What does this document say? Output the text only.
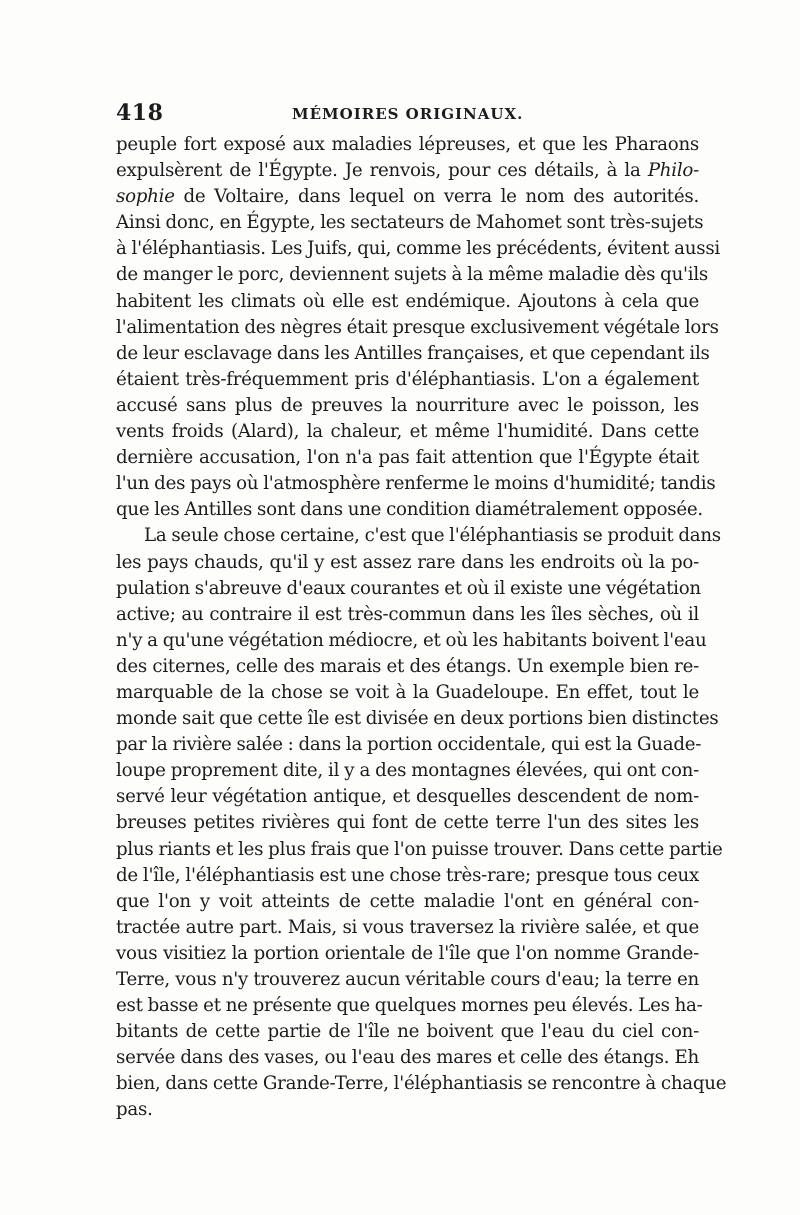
418	MÉMOIRES ORIGINAUX.
peuple fort exposé aux maladies lépreuses, et que les Pharaons
expulsèrent de l'Égypte. Je renvois, pour ces détails, à la Philo-
sophie de Voltaire, dans lequel on verra le nom des autorités.
Ainsi donc, en Égypte, les sectateurs de Mahomet sont très-sujets
à l'éléphantiasis. Les Juifs, qui, comme les précédents, évitent aussi
de manger le porc, deviennent sujets à la même maladie dès qu'ils
habitent les climats où elle est endémique. Ajoutons à cela que
l'alimentation des nègres était presque exclusivement végétale lors
de leur esclavage dans les Antilles françaises, et que cependant ils
étaient très-fréquemment pris d'éléphantiasis. L'on a également
accusé sans plus de preuves la nourriture avec le poisson, les
vents froids (Alard), la chaleur, et même l'humidité. Dans cette
dernière accusation, l'on n'a pas fait attention que l'Égypte était
l'un des pays où l'atmosphère renferme le moins d'humidité; tandis
que les Antilles sont dans une condition diamétralement opposée.
La seule chose certaine, c'est que l'éléphantiasis se produit dans
les pays chauds, qu'il y est assez rare dans les endroits où la po-
pulation s'abreuve d'eaux courantes et où il existe une végétation
active; au contraire il est très-commun dans les îles sèches, où il
n'y a qu'une végétation médiocre, et où les habitants boivent l'eau
des citernes, celle des marais et des étangs. Un exemple bien re-
marquable de la chose se voit à la Guadeloupe. En effet, tout le
monde sait que cette île est divisée en deux portions bien distinctes
par la rivière salée : dans la portion occidentale, qui est la Guade-
loupe proprement dite, il y a des montagnes élevées, qui ont con-
servé leur végétation antique, et desquelles descendent de nom-
breuses petites rivières qui font de cette terre l'un des sites les
plus riants et les plus frais que l'on puisse trouver. Dans cette partie
de l'île, l'éléphantiasis est une chose très-rare; presque tous ceux
que l'on y voit atteints de cette maladie l'ont en général con-
tractée autre part. Mais, si vous traversez la rivière salée, et que
vous visitiez la portion orientale de l'île que l'on nomme Grande-
Terre, vous n'y trouverez aucun véritable cours d'eau; la terre en
est basse et ne présente que quelques mornes peu élevés. Les ha-
bitants de cette partie de l'île ne boivent que l'eau du ciel con-
servée dans des vases, ou l'eau des mares et celle des étangs. Eh
bien, dans cette Grande-Terre, l'éléphantiasis se rencontre à chaque
pas.
